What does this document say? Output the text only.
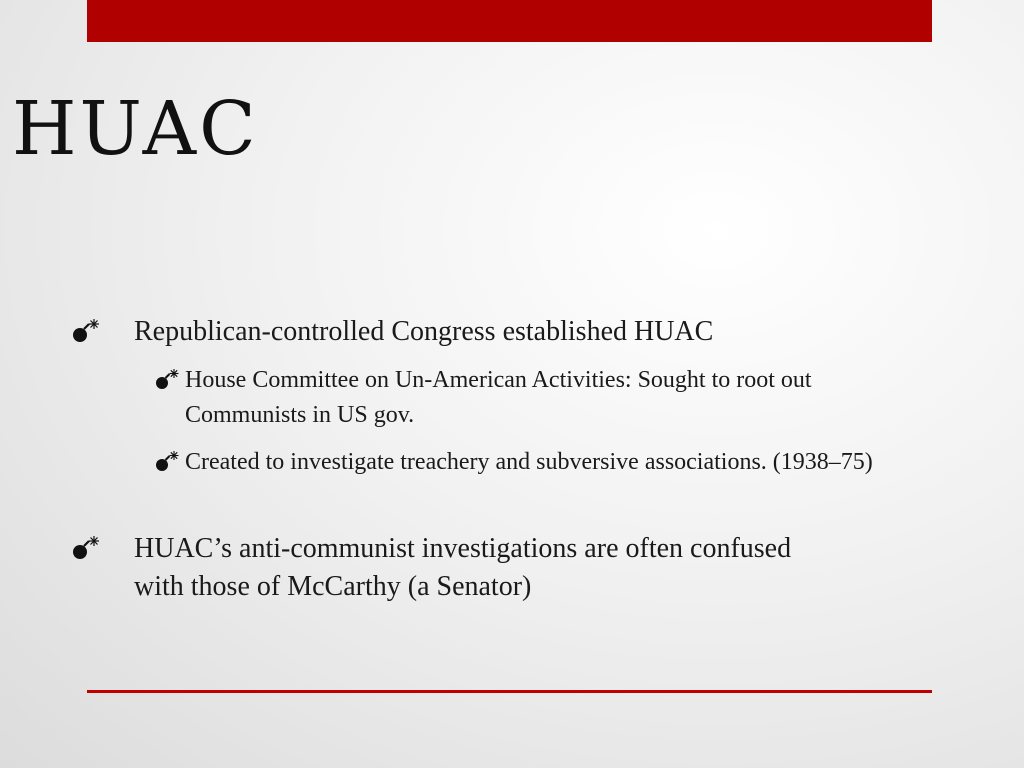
HUAC
Republican-controlled Congress established HUAC
House Committee on Un-American Activities: Sought to root out Communists in US gov.
Created to investigate treachery and subversive associations. (1938–75)
HUAC’s anti-communist investigations are often confused with those of McCarthy (a Senator)
